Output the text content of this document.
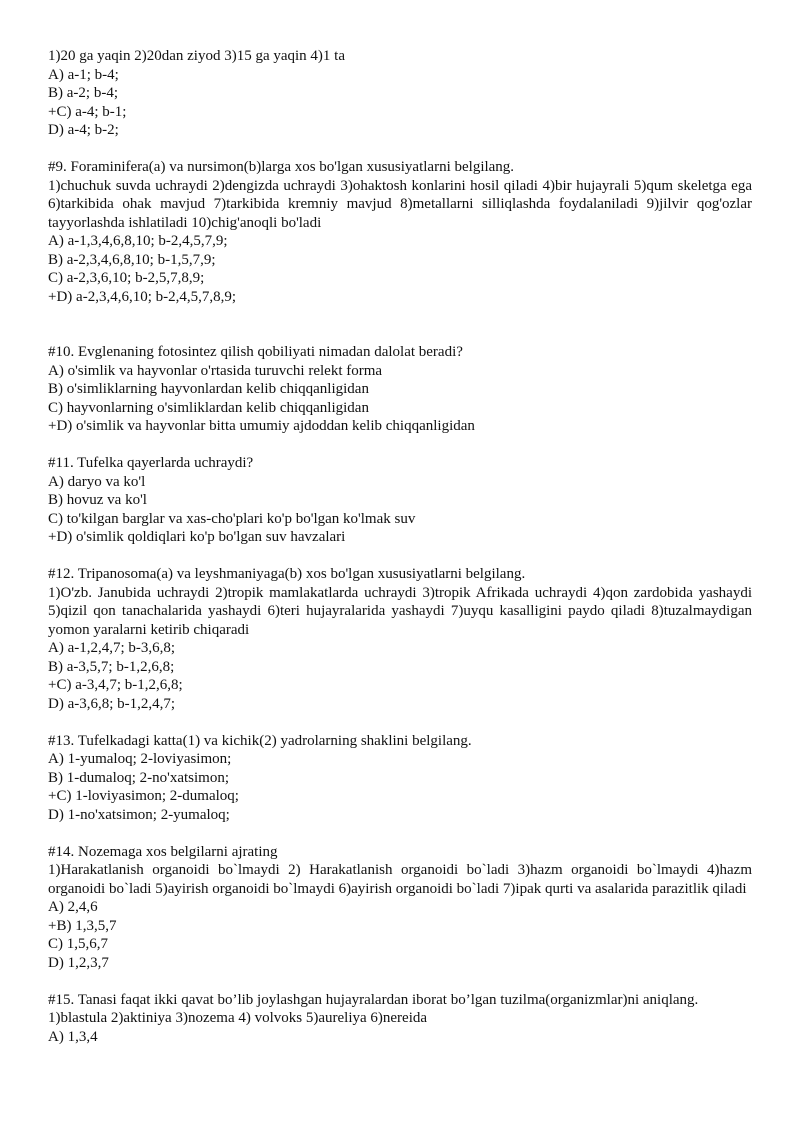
1)20 ga yaqin 2)20dan ziyod 3)15 ga yaqin 4)1 ta
A) a-1; b-4;
B) a-2; b-4;
+C) a-4; b-1;
D) a-4; b-2;
#9. Foraminifera(a) va nursimon(b)larga xos bo'lgan xususiyatlarni belgilang.
1)chuchuk suvda uchraydi 2)dengizda uchraydi 3)ohaktosh konlarini hosil qiladi 4)bir hujayrali 5)qum skeletga ega 6)tarkibida ohak mavjud 7)tarkibida kremniy mavjud 8)metallarni silliqlashda foydalaniladi 9)jilvir qog'ozlar tayyorlashda ishlatiladi 10)chig'anoqli bo'ladi
A) a-1,3,4,6,8,10; b-2,4,5,7,9;
B) a-2,3,4,6,8,10; b-1,5,7,9;
C) a-2,3,6,10; b-2,5,7,8,9;
+D) a-2,3,4,6,10; b-2,4,5,7,8,9;
#10. Evglenaning fotosintez qilish qobiliyati nimadan dalolat beradi?
A) o'simlik va hayvonlar o'rtasida turuvchi relekt forma
B) o'simliklarning hayvonlardan kelib chiqqanligidan
C) hayvonlarning o'simliklardan kelib chiqqanligidan
+D) o'simlik va hayvonlar bitta umumiy ajdoddan kelib chiqqanligidan
#11. Tufelka qayerlarda uchraydi?
A) daryo va ko'l
B) hovuz va ko'l
C) to'kilgan barglar va xas-cho'plari ko'p bo'lgan ko'lmak suv
+D) o'simlik qoldiqlari ko'p bo'lgan suv havzalari
#12. Tripanosoma(a) va leyshmaniyaga(b) xos bo'lgan xususiyatlarni belgilang.
1)O'zb. Janubida uchraydi 2)tropik mamlakatlarda uchraydi 3)tropik Afrikada uchraydi 4)qon zardobida yashaydi 5)qizil qon tanachalarida yashaydi 6)teri hujayralarida yashaydi 7)uyqu kasalligini paydo qiladi 8)tuzalmaydigan yomon yaralarni ketirib chiqaradi
A) a-1,2,4,7; b-3,6,8;
B) a-3,5,7; b-1,2,6,8;
+C) a-3,4,7; b-1,2,6,8;
D) a-3,6,8; b-1,2,4,7;
#13. Tufelkadagi katta(1) va kichik(2) yadrolarning shaklini belgilang.
A) 1-yumaloq; 2-loviyasimon;
B) 1-dumaloq; 2-no'xatsimon;
+C) 1-loviyasimon; 2-dumaloq;
D) 1-no'xatsimon; 2-yumaloq;
#14. Nozemaga xos belgilarni ajrating
1)Harakatlanish organoidi bo`lmaydi 2) Harakatlanish organoidi bo`ladi 3)hazm organoidi bo`lmaydi 4)hazm organoidi bo`ladi 5)ayirish organoidi bo`lmaydi 6)ayirish organoidi bo`ladi 7)ipak qurti va asalarida parazitlik qiladi
A) 2,4,6
+B) 1,3,5,7
C) 1,5,6,7
D) 1,2,3,7
#15. Tanasi faqat ikki qavat bo’lib joylashgan hujayralardan iborat bo’lgan tuzilma(organizmlar)ni aniqlang.
1)blastula 2)aktiniya 3)nozema 4) volvoks 5)aureliya 6)nereida
A) 1,3,4
